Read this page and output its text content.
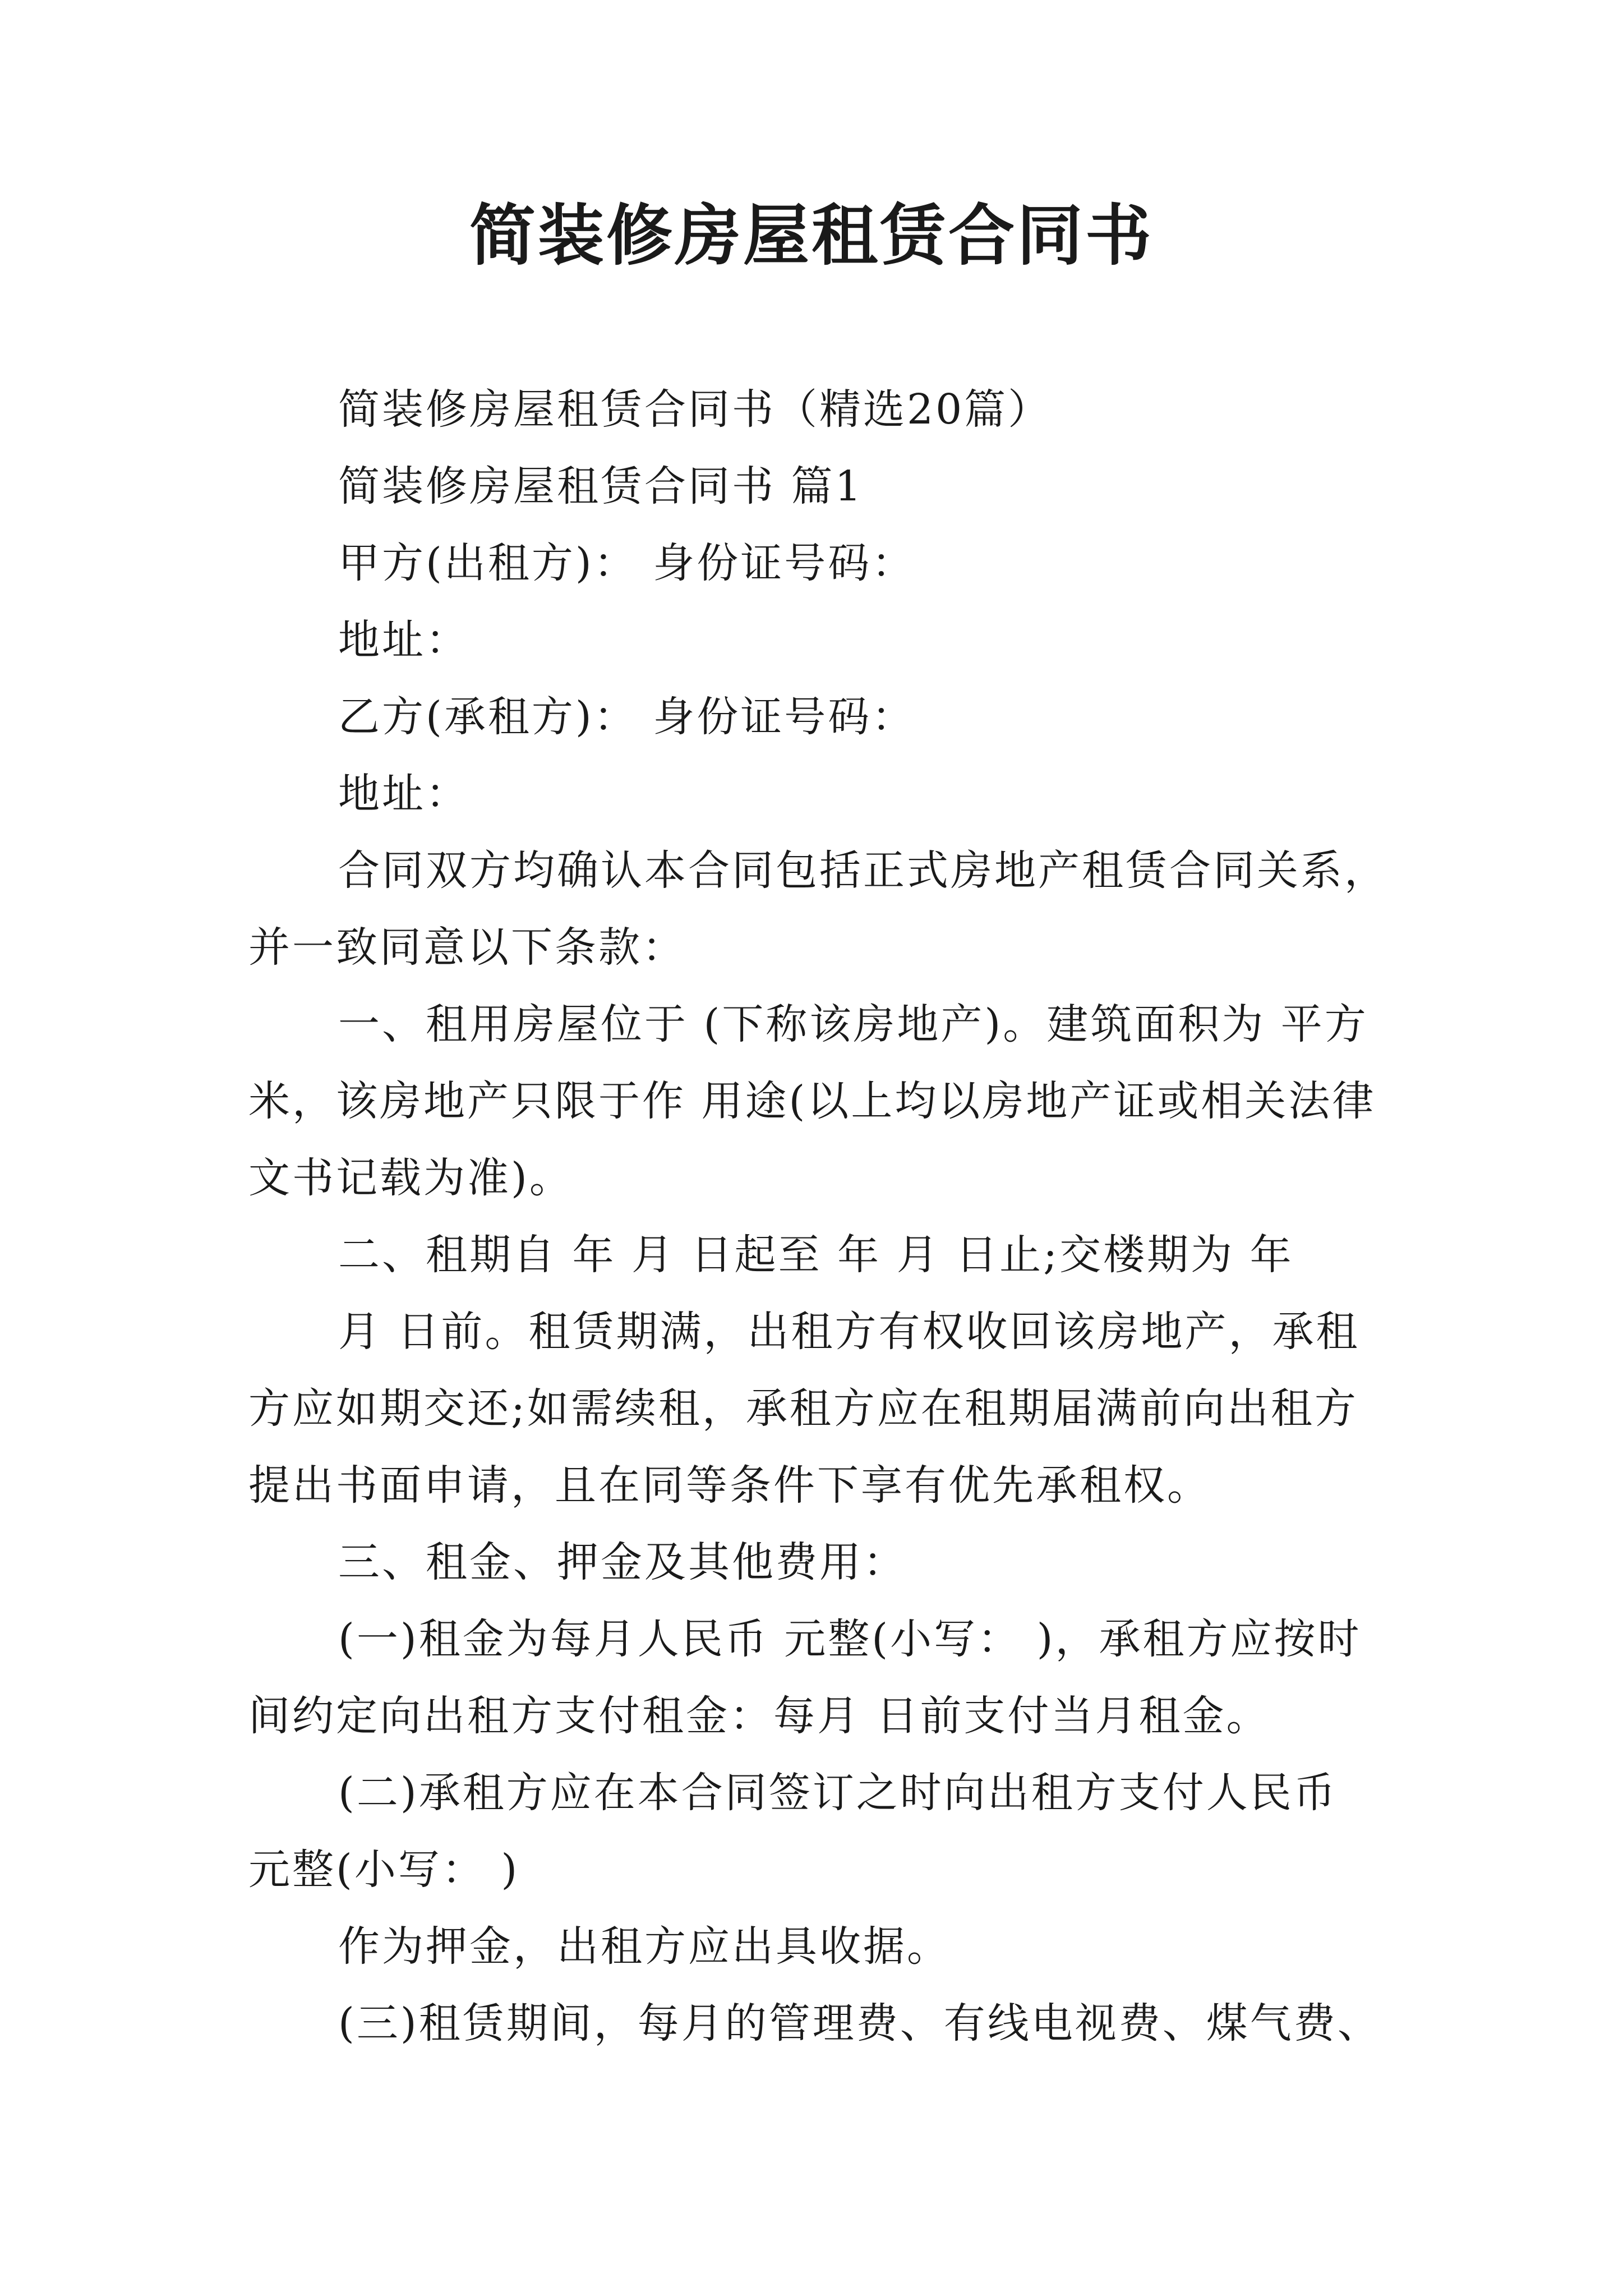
简装修房屋租赁合同书
简装修房屋租赁合同书（精选20篇）
简装修房屋租赁合同书 篇1
甲方(出租方)： 身份证号码：
地址：
乙方(承租方)： 身份证号码：
地址：
合同双方均确认本合同包括正式房地产租赁合同关系，
并一致同意以下条款：
一、租用房屋位于 (下称该房地产)。建筑面积为 平方
米，该房地产只限于作 用途(以上均以房地产证或相关法律
文书记载为准)。
二、租期自 年 月 日起至 年 月 日止;交楼期为 年
月 日前。租赁期满，出租方有权收回该房地产，承租
方应如期交还;如需续租，承租方应在租期届满前向出租方
提出书面申请，且在同等条件下享有优先承租权。
三、租金、押金及其他费用：
(一)租金为每月人民币 元整(小写： )，承租方应按时
间约定向出租方支付租金：每月 日前支付当月租金。
(二)承租方应在本合同签订之时向出租方支付人民币
元整(小写： )
作为押金，出租方应出具收据。
(三)租赁期间，每月的管理费、有线电视费、煤气费、
